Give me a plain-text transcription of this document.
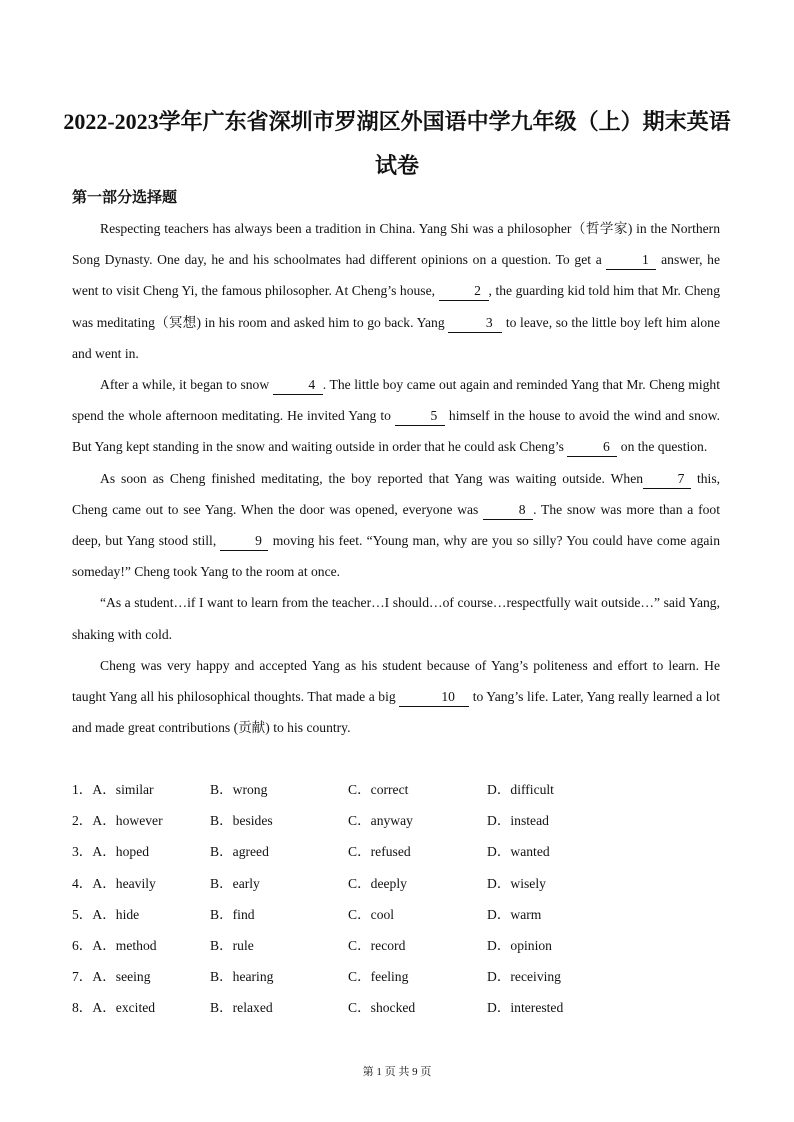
2022-2023学年广东省深圳市罗湖区外国语中学九年级（上）期末英语试卷
第一部分选择题

Respecting teachers has always been a tradition in China. Yang Shi was a philosopher（哲学家) in the Northern Song Dynasty. One day, he and his schoolmates had different opinions on a question. To get a	1 answer, he went to visit Cheng Yi, the famous philosopher. At Cheng’s house,	2 , the guarding kid told him that Mr. Cheng was meditating（冥想) in his room and asked him to go back. Yang	3 to leave, so the little boy left him alone and went in.

After a while, it began to snow	4 . The little boy came out again and reminded Yang that Mr. Cheng might spend the whole afternoon meditating. He invited Yang to	5 himself in the house to avoid the wind and snow. But Yang kept standing in the snow and waiting outside in order that he could ask Cheng’s	6 on the question.

As soon as Cheng finished meditating, the boy reported that Yang was waiting outside. When	7 this, Cheng came out to see Yang. When the door was opened, everyone was	8 . The snow was more than a foot deep, but Yang stood still,	9 moving his feet. “Young man, why are you so silly? You could have come again someday!” Cheng took Yang to the room at once.

“As a student…if I want to learn from the teacher…I should…of course…respectfully wait outside…” said Yang, shaking with cold.

Cheng was very happy and accepted Yang as his student because of Yang’s politeness and effort to learn. He taught Yang all his philosophical thoughts. That made a big	10 to Yang’s life. Later, Yang really learned a lot and made great contributions (贡献) to his country.

1．A．similar	B．wrong	C．correct	D．difficult
2．A．however	B．besides	C．anyway	D．instead
3．A．hoped	B．agreed	C．refused	D．wanted
4．A．heavily	B．early	C．deeply	D．wisely
5．A．hide	B．find	C．cool	D．warm
6．A．method	B．rule	C．record	D．opinion
7．A．seeing	B．hearing	C．feeling	D．receiving
8．A．excited	B．relaxed	C．shocked	D．interested
第 1 页 共 9 页
